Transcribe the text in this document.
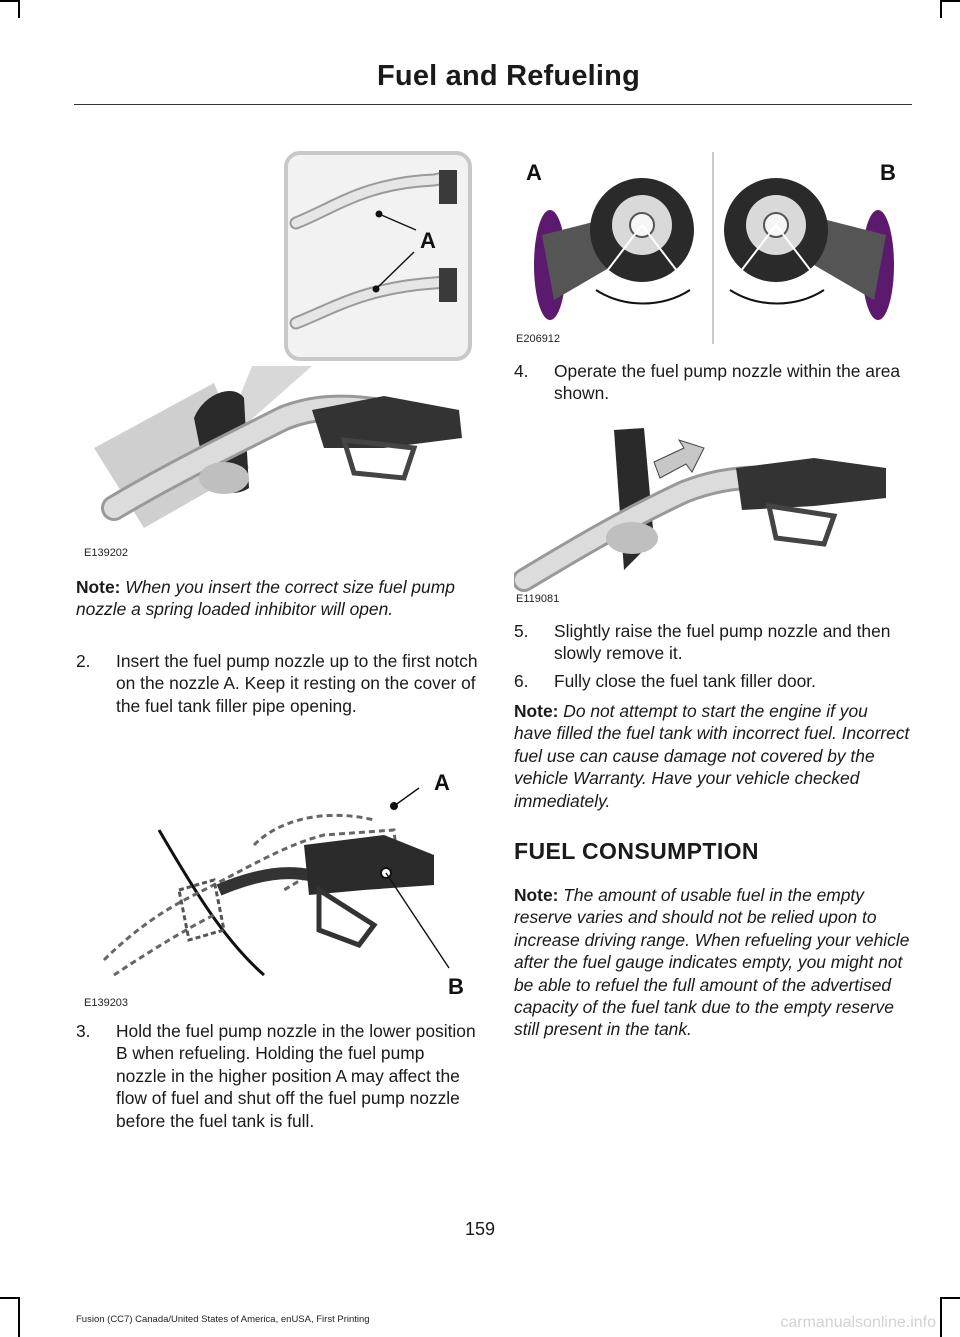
Fuel and Refueling
A
E139202
Note: When you insert the correct size fuel pump nozzle a spring loaded inhibitor will open.
2.	Insert the fuel pump nozzle up to the first notch on the nozzle A. Keep it resting on the cover of the fuel tank filler pipe opening.
A
B
E139203
3.	Hold the fuel pump nozzle in the lower position B when refueling. Holding the fuel pump nozzle in the higher position A may affect the flow of fuel and shut off the fuel pump nozzle before the fuel tank is full.
A	B
E206912
4.	Operate the fuel pump nozzle within the area shown.
E119081
5.	Slightly raise the fuel pump nozzle and then slowly remove it.
6.	Fully close the fuel tank filler door.
Note: Do not attempt to start the engine if you have filled the fuel tank with incorrect fuel. Incorrect fuel use can cause damage not covered by the vehicle Warranty. Have your vehicle checked immediately.
FUEL CONSUMPTION
Note: The amount of usable fuel in the empty reserve varies and should not be relied upon to increase driving range. When refueling your vehicle after the fuel gauge indicates empty, you might not be able to refuel the full amount of the advertised capacity of the fuel tank due to the empty reserve still present in the tank.
159
Fusion (CC7) Canada/United States of America, enUSA, First Printing	carmanualsonline.info
